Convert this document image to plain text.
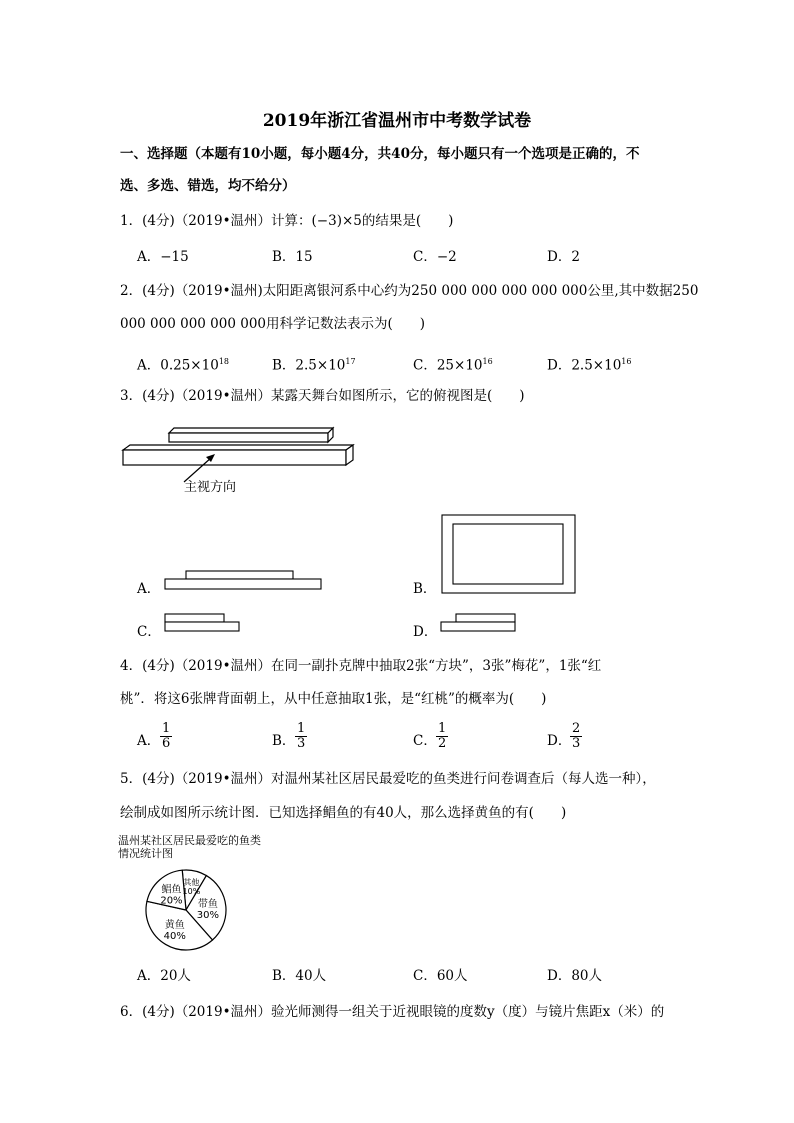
2019年浙江省温州市中考数学试卷
一、选择题（本题有10小题，每小题4分，共40分，每小题只有一个选项是正确的，不
选、多选、错选，均不给分）
1．(4分)（2019•温州）计算：(−3)×5的结果是(　　)
A．−15	B．15	C．−2	D．2
2．(4分)（2019•温州)太阳距离银河系中心约为250 000 000 000 000 000公里,其中数据250
000 000 000 000 000用科学记数法表示为(　　)
A．$0.25\times 10^{18}$	B．$2.5\times 10^{17}$	C．$25\times 10^{16}$	D．$2.5\times 10^{16}$
3．(4分)（2019•温州）某露天舞台如图所示，它的俯视图是(　　)
主视方向
A．	B．
C．	D．
4．(4分)（2019•温州）在同一副扑克牌中抽取2张“方块”，3张”梅花”，1张“红
桃”．将这6张牌背面朝上，从中任意抽取1张，是“红桃”的概率为(　　)
A． $\frac{1}{6}$	B． $\frac{1}{3}$	C． $\frac{1}{2}$	D．
$\frac{2}{3}$
5．(4分)（2019•温州）对温州某社区居民最爱吃的鱼类进行问卷调查后（每人选一种），
绘制成如图所示统计图．已知选择鲳鱼的有40人，那么选择黄鱼的有(　　)
温州某社区居民最爱吃的鱼类情况统计图
其他
10%
带鱼
30%
黄鱼
40%
鲳鱼
20%
A．20人	B．40人	C．60人	D．80人
6．(4分)（2019•温州）验光师测得一组关于近视眼镜的度数y（度）与镜片焦距x（米）的
